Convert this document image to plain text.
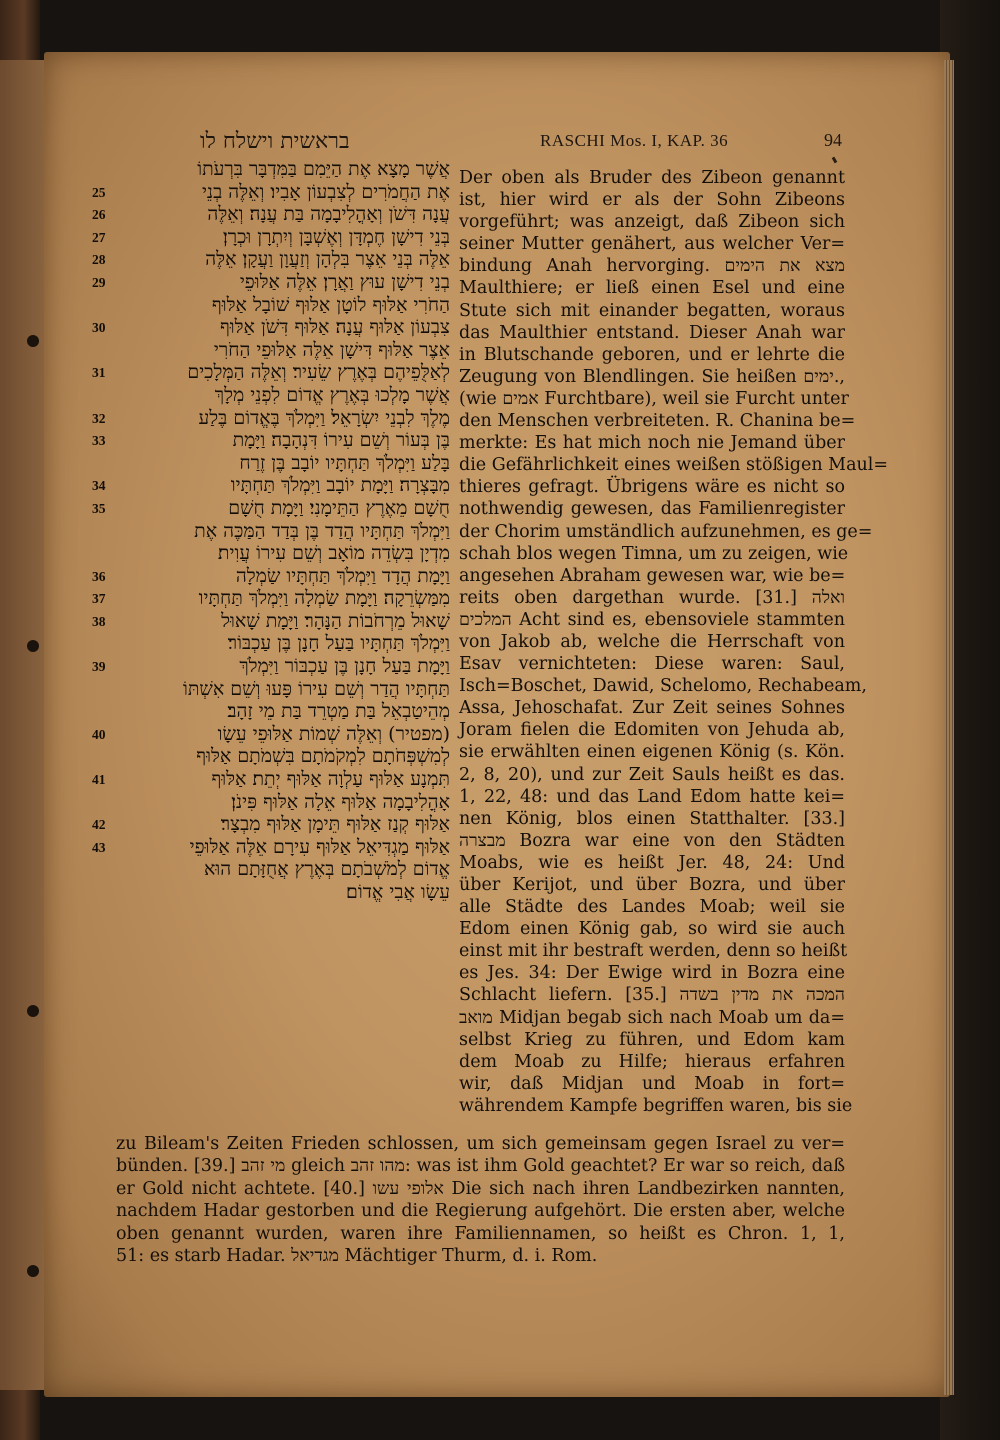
בראשית וישלח לו	RASCHI Mos. I, KAP. 36	94
אֲשֶׁר מָצָא אֶת הַיֵּמִם בַּמִּדְבָּר בִּרְעֹתוֹ
25	אֶת הַחֲמֹרִים לְצִבְעוֹן אָבִיו׃ וְאֵלֶּה בְנֵי
26	עֲנָה דִּשֹׁן וְאָהֳלִיבָמָה בַּת עֲנָה׃ וְאֵלֶּה
27	בְּנֵי דִישָׁן חֶמְדָּן וְאֶשְׁבָּן וְיִתְרָן וּכְרָן׃
28	אֵלֶּה בְּנֵי אֵצֶר בִּלְהָן וְזַעֲוָן וַעֲקָן׃ אֵלֶּה
29	בְנֵי דִישָׁן עוּץ וַאֲרָן׃ אֵלֶּה אַלּוּפֵי
הַחֹרִי אַלּוּף לוֹטָן אַלּוּף שׁוֹבָל אַלּוּף
30	צִבְעוֹן אַלּוּף עֲנָה׃ אַלּוּף דִּשֹׁן אַלּוּף
אֵצֶר אַלּוּף דִּישָׁן אֵלֶּה אַלּוּפֵי הַחֹרִי
31	לְאַלֻּפֵיהֶם בְּאֶרֶץ שֵׂעִיר׃ וְאֵלֶּה הַמְּלָכִים
אֲשֶׁר מָלְכוּ בְּאֶרֶץ אֱדוֹם לִפְנֵי מְלָךְ
32	מֶלֶךְ לִבְנֵי יִשְׂרָאֵל׃ וַיִּמְלֹךְ בֶּאֱדוֹם בֶּלַע
33	בֶּן בְּעוֹר וְשֵׁם עִירוֹ דִּנְהָבָה׃ וַיָּמָת
בָּלַע וַיִּמְלֹךְ תַּחְתָּיו יוֹבָב בֶּן זֶרַח
34	מִבָּצְרָה׃ וַיָּמָת יוֹבָב וַיִּמְלֹךְ תַּחְתָּיו
35	חֻשָׁם מֵאֶרֶץ הַתֵּימָנִי׃ וַיָּמָת חֻשָׁם
וַיִּמְלֹךְ תַּחְתָּיו הֲדַד בֶּן בְּדַד הַמַּכֶּה אֶת
מִדְיָן בִּשְׂדֵה מוֹאָב וְשֵׁם עִירוֹ עֲוִית׃
36	וַיָּמָת הֲדָד וַיִּמְלֹךְ תַּחְתָּיו שַׂמְלָה
37	מִמַּשְׂרֵקָה׃ וַיָּמָת שַׂמְלָה וַיִּמְלֹךְ תַּחְתָּיו
38	שָׁאוּל מֵרְחֹבוֹת הַנָּהָר׃ וַיָּמָת שָׁאוּל
וַיִּמְלֹךְ תַּחְתָּיו בַּעַל חָנָן בֶּן עַכְבּוֹר׃
39	וַיָּמָת בַּעַל חָנָן בֶּן עַכְבּוֹר וַיִּמְלֹךְ
תַּחְתָּיו הֲדַר וְשֵׁם עִירוֹ פָּעוּ וְשֵׁם אִשְׁתּוֹ
מְהֵיטַבְאֵל בַּת מַטְרֵד בַּת מֵי זָהָב׃
40	(מפטיר) וְאֵלֶּה שְׁמוֹת אַלּוּפֵי עֵשָׂו
לְמִשְׁפְּחֹתָם לִמְקֹמֹתָם בִּשְׁמֹתָם אַלּוּף
41	תִּמְנָע אַלּוּף עַלְוָה אַלּוּף יְתֵת׃ אַלּוּף
אָהֳלִיבָמָה אַלּוּף אֵלָה אַלּוּף פִּינֹן׃
42	אַלּוּף קְנַז אַלּוּף תֵּימָן אַלּוּף מִבְצָר׃
43	אַלּוּף מַגְדִּיאֵל אַלּוּף עִירָם אֵלֶּה אַלּוּפֵי
אֱדוֹם לְמֹשְׁבֹתָם בְּאֶרֶץ אֲחֻזָּתָם הוּא
עֵשָׂו אֲבִי אֱדוֹם׃
Der oben als Bruder des Zibeon genannt
ist, hier wird er als der Sohn Zibeons
vorgeführt; was anzeigt, daß Zibeon sich
seiner Mutter genähert, aus welcher Ver=
bindung Anah hervorging. מצא את הימים
Maulthiere; er ließ einen Esel und eine
Stute sich mit einander begatten, woraus
das Maulthier entstand. Dieser Anah war
in Blutschande geboren, und er lehrte die
Zeugung von Blendlingen. Sie heißen ימים.,
(wie אמים Furchtbare), weil sie Furcht unter
den Menschen verbreiteten. R. Chanina be=
merkte: Es hat mich noch nie Jemand über
die Gefährlichkeit eines weißen stößigen Maul=
thieres gefragt. Übrigens wäre es nicht so
nothwendig gewesen, das Familienregister
der Chorim umständlich aufzunehmen, es ge=
schah blos wegen Timna, um zu zeigen, wie
angesehen Abraham gewesen war, wie be=
reits oben dargethan wurde. [31.] ואלה
המלכים Acht sind es, ebensoviele stammten
von Jakob ab, welche die Herrschaft von
Esav vernichteten: Diese waren: Saul,
Isch=Boschet, Dawid, Schelomo, Rechabeam,
Assa, Jehoschafat. Zur Zeit seines Sohnes
Joram fielen die Edomiten von Jehuda ab,
sie erwählten einen eigenen König (s. Kön.
2, 8, 20), und zur Zeit Sauls heißt es das.
1, 22, 48: und das Land Edom hatte kei=
nen König, blos einen Statthalter. [33.]
מבצרה Bozra war eine von den Städten
Moabs, wie es heißt Jer. 48, 24: Und
über Kerijot, und über Bozra, und über
alle Städte des Landes Moab; weil sie
Edom einen König gab, so wird sie auch
einst mit ihr bestraft werden, denn so heißt
es Jes. 34: Der Ewige wird in Bozra eine
Schlacht liefern. [35.] המכה את מדין בשדה
מואב Midjan begab sich nach Moab um da=
selbst Krieg zu führen, und Edom kam
dem Moab zu Hilfe; hieraus erfahren
wir, daß Midjan und Moab in fort=
währendem Kampfe begriffen waren, bis sie
zu Bileam's Zeiten Frieden schlossen, um sich gemeinsam gegen Israel zu ver=
bünden. [39.] מי זהב gleich מהו זהב: was ist ihm Gold geachtet? Er war so reich, daß
er Gold nicht achtete. [40.] אלופי עשו Die sich nach ihren Landbezirken nannten,
nachdem Hadar gestorben und die Regierung aufgehört. Die ersten aber, welche
oben genannt wurden, waren ihre Familiennamen, so heißt es Chron. 1, 1,
51: es starb Hadar. מגדיאל Mächtiger Thurm, d. i. Rom.
